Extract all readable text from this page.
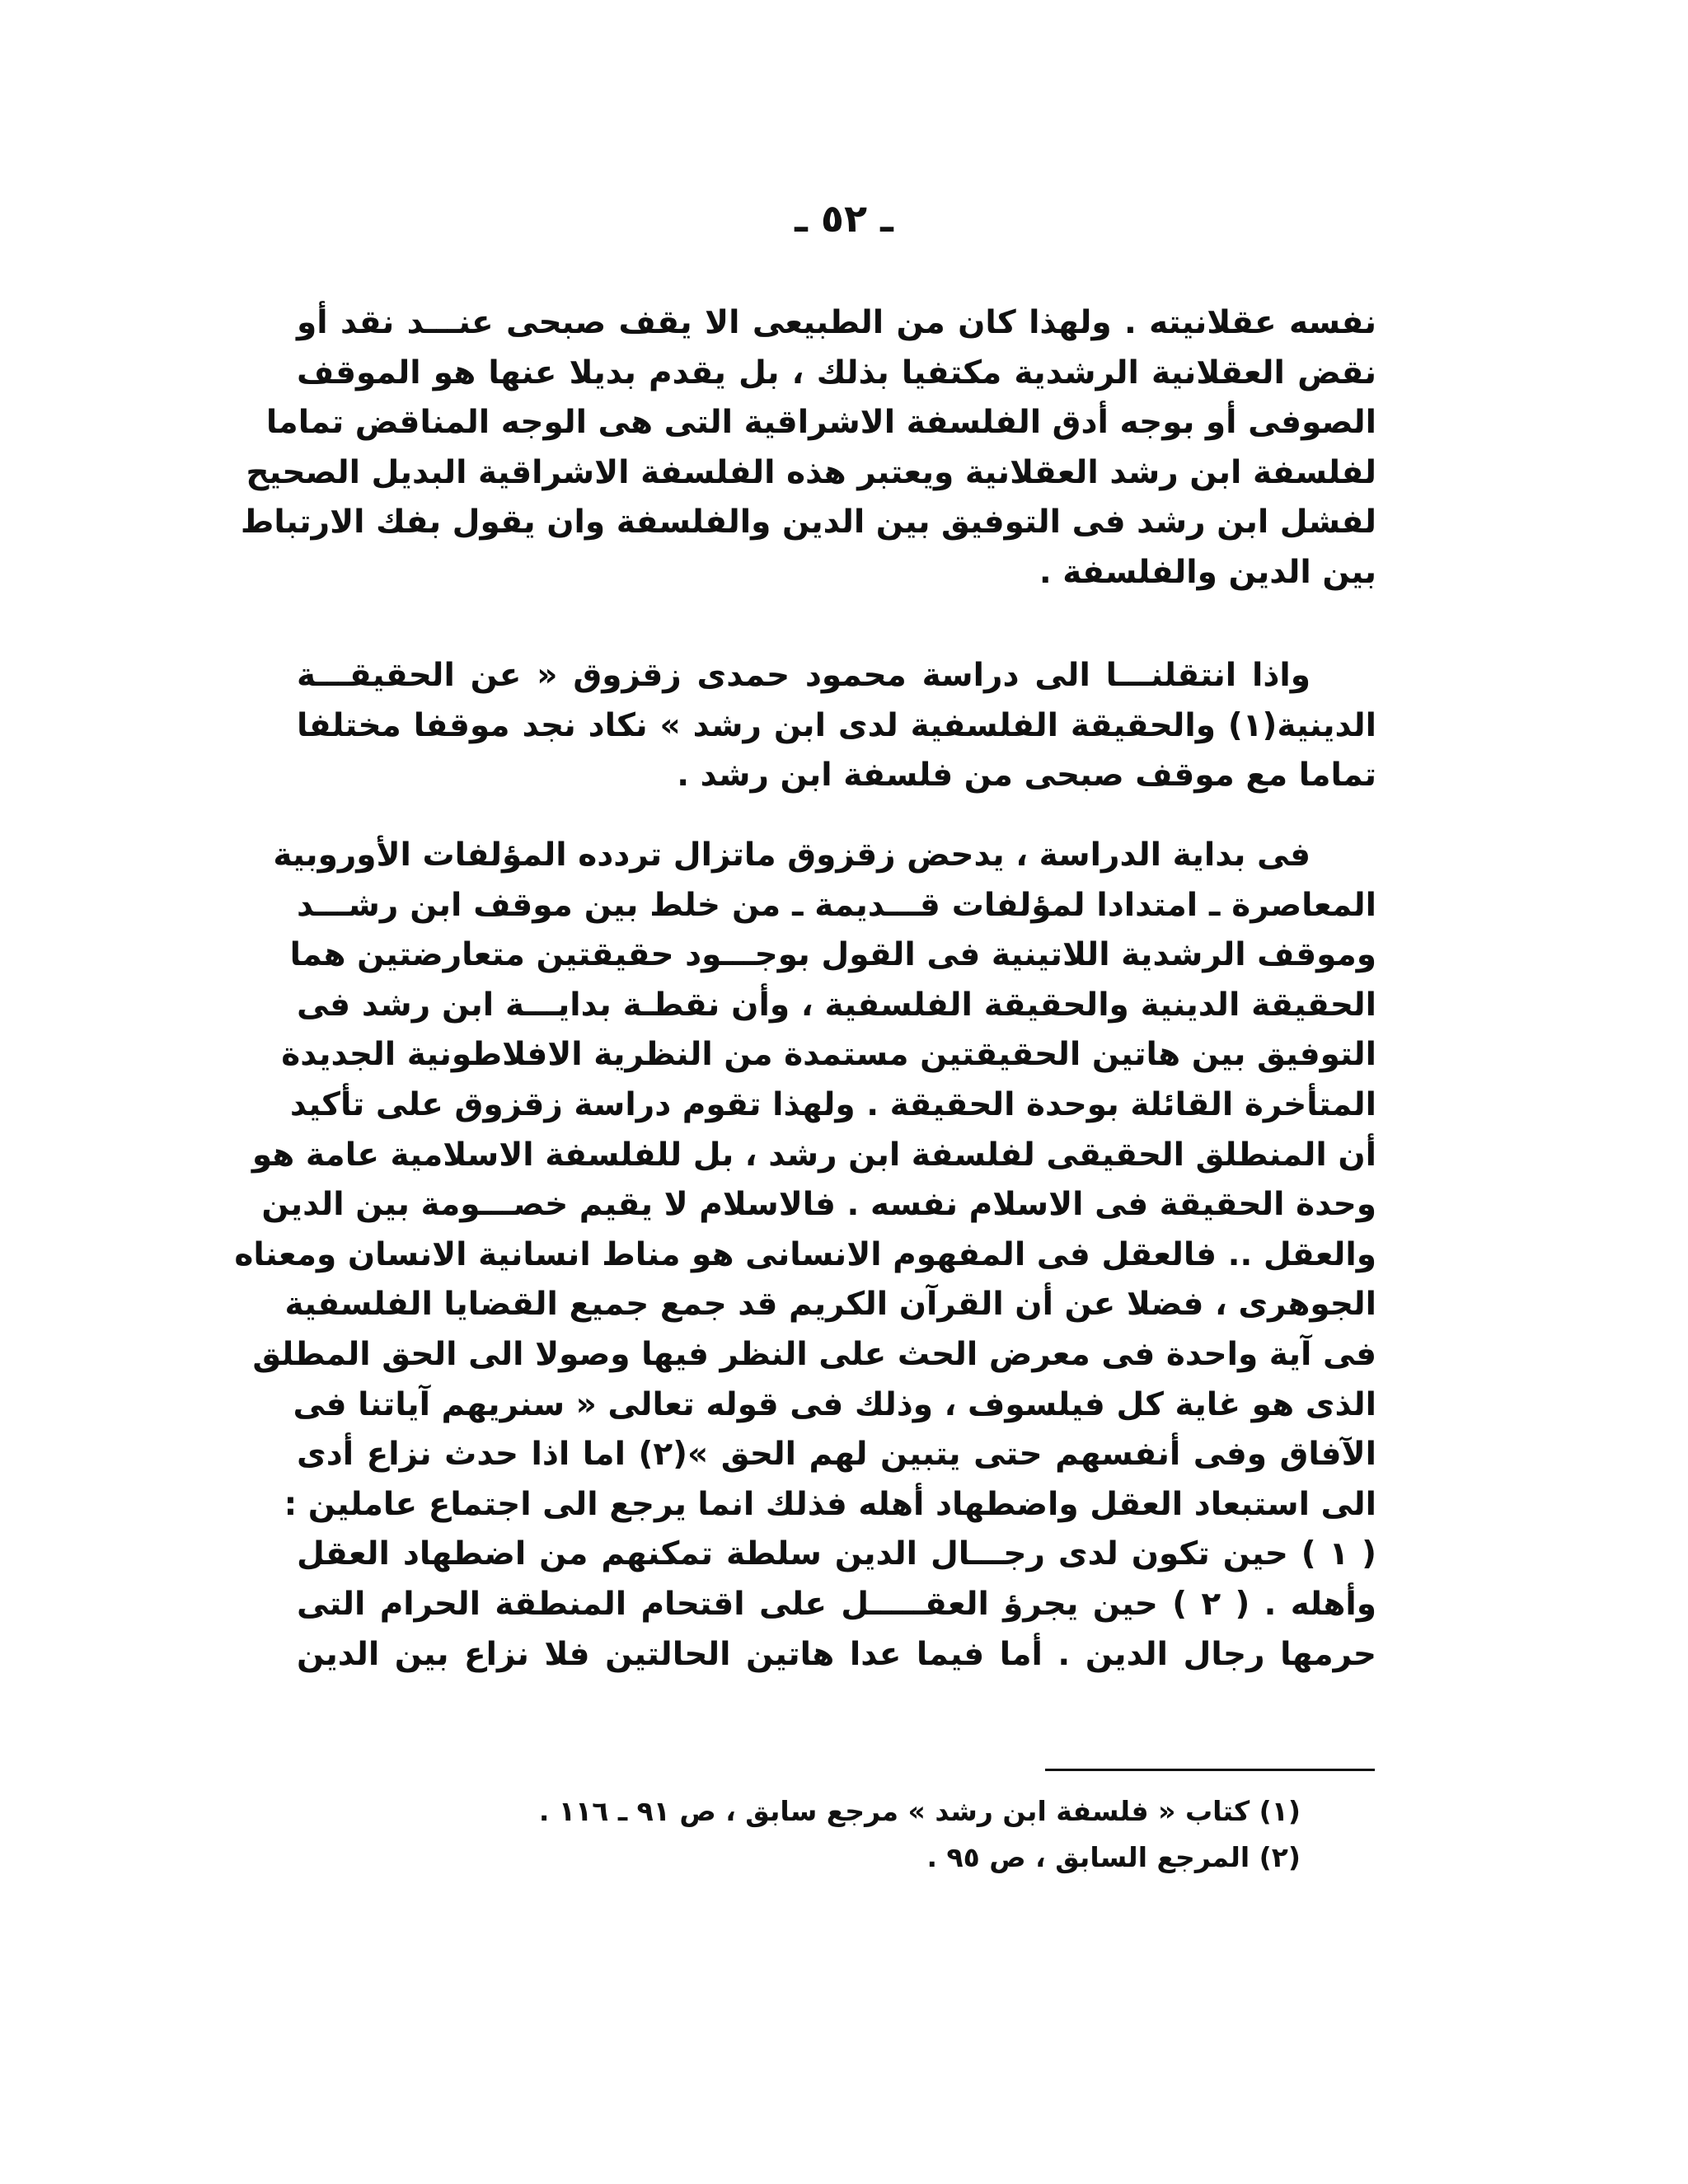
ـ ٥٢ ـ
نفسه عقلانيته . ولهذا كان من الطبيعى الا يقف صبحى عنـــد نقد أو
نقض العقلانية الرشدية مكتفيا بذلك ، بل يقدم بديلا عنها هو الموقف
الصوفى أو بوجه أدق الفلسفة الاشراقية التى هى الوجه المناقض تماما
لفلسفة ابن رشد العقلانية ويعتبر هذه الفلسفة الاشراقية البديل الصحيح
لفشل ابن رشد فى التوفيق بين الدين والفلسفة وان يقول بفك الارتباط
بين الدين والفلسفة .
واذا انتقلنـــا الى دراسة محمود حمدى زقزوق « عن الحقيقـــة
الدينية(١) والحقيقة الفلسفية لدى ابن رشد » نكاد نجد موقفا مختلفا
تماما مع موقف صبحى من فلسفة ابن رشد .
فى بداية الدراسة ، يدحض زقزوق ماتزال تردده المؤلفات الأوروبية
المعاصرة ـ امتدادا لمؤلفات قـــديمة ـ من خلط بين موقف ابن رشـــد
وموقف الرشدية اللاتينية فى القول بوجـــود حقيقتين متعارضتين هما
الحقيقة الدينية والحقيقة الفلسفية ، وأن نقطـة بدايـــة ابن رشد فى
التوفيق بين هاتين الحقيقتين مستمدة من النظرية الافلاطونية الجديدة
المتأخرة القائلة بوحدة الحقيقة . ولهذا تقوم دراسة زقزوق على تأكيد
أن المنطلق الحقيقى لفلسفة ابن رشد ، بل للفلسفة الاسلامية عامة هو
وحدة الحقيقة فى الاسلام نفسه . فالاسلام لا يقيم خصـــومة بين الدين
والعقل .. فالعقل فى المفهوم الانسانى هو مناط انسانية الانسان ومعناه
الجوهرى ، فضلا عن أن القرآن الكريم قد جمع جميع القضايا الفلسفية
فى آية واحدة فى معرض الحث على النظر فيها وصولا الى الحق المطلق
الذى هو غاية كل فيلسوف ، وذلك فى قوله تعالى « سنريهم آياتنا فى
الآفاق وفى أنفسهم حتى يتبين لهم الحق »(٢) اما اذا حدث نزاع أدى
الى استبعاد العقل واضطهاد أهله فذلك انما يرجع الى اجتماع عاملين :
( ١ ) حين تكون لدى رجـــال الدين سلطة تمكنهم من اضطهاد العقل
وأهله . ( ٢ ) حين يجرؤ العقـــــل على اقتحام المنطقة الحرام التى
حرمها رجال الدين . أما فيما عدا هاتين الحالتين فلا نزاع بين الدين
(١) كتاب « فلسفة ابن رشد » مرجع سابق ، ص ٩١ ـ ١١٦ .
(٢) المرجع السابق ، ص ٩٥ .
